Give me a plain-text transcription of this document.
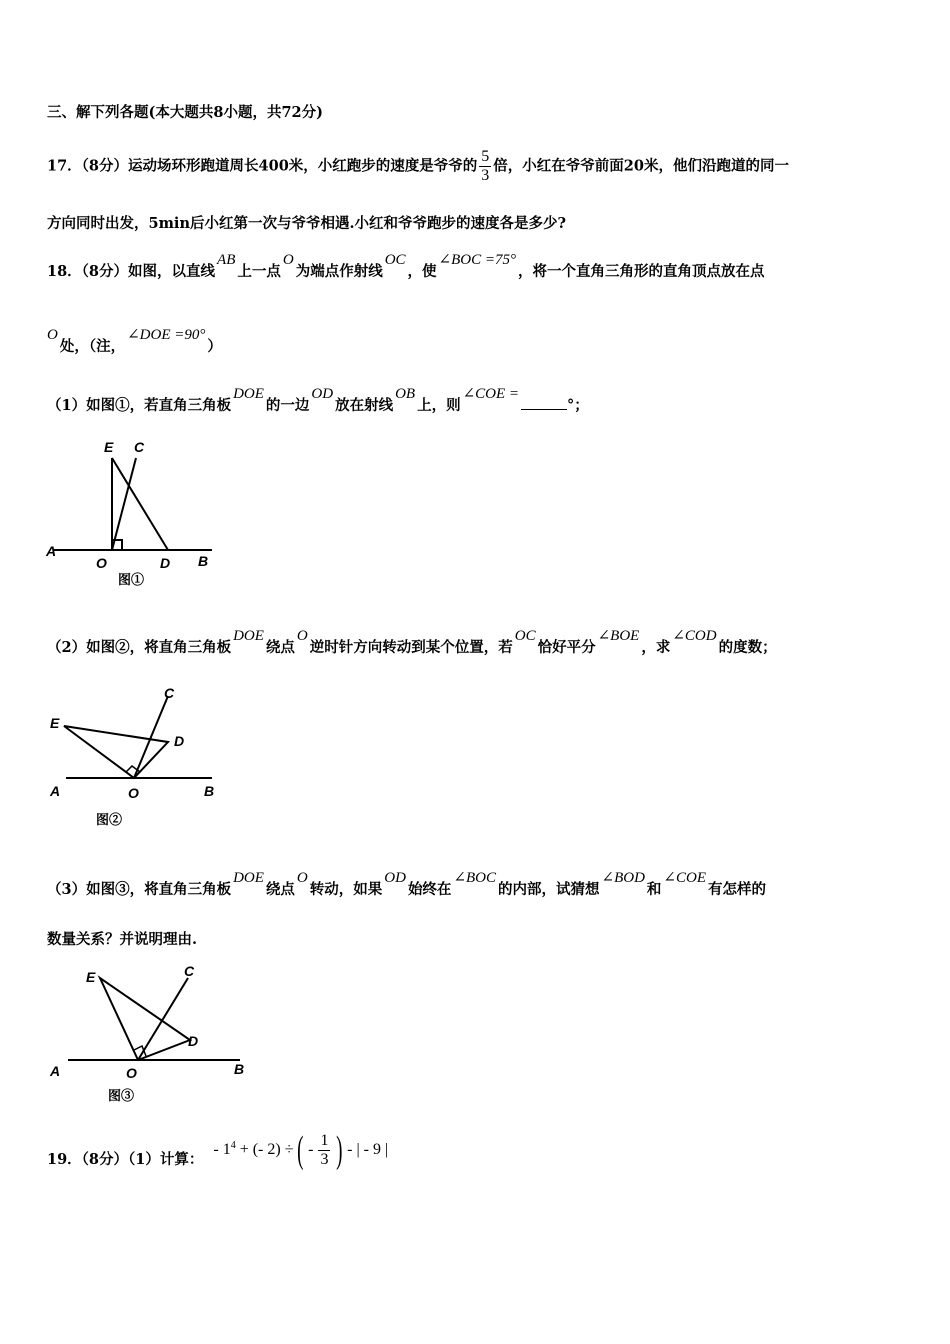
三、解下列各题(本大题共8小题，共72分)
17．（8分）运动场环形跑道周长400米，小红跑步的速度是爷爷的 $\frac{5}{3}$ 倍，小红在爷爷前面20米，他们沿跑道的同一
方向同时出发，5min后小红第一次与爷爷相遇.小红和爷爷跑步的速度各是多少?
18．（8分）如图，以直线AB上一点O为端点作射线OC，使∠BOC =75°，将一个直角三角形的直角顶点放在点
O处，（注，∠DOE =90°）
（1）如图①，若直角三角板DOE的一边OD放在射线OB上，则∠COE =°；
E C
A
O	D B
图①
（2）如图②，将直角三角板DOE绕点O逆时针方向转动到某个位置，若OC恰好平分∠BOE，求∠COD的度数；
C
E
D
A	O	B
图②
（3）如图③，将直角三角板DOE绕点O转动，如果OD始终在∠BOC的内部，试猜想∠BOD和∠COE有怎样的
数量关系？并说明理由.
E	C
D
A	O	B
图③
19．（8分）（1）计算：
- $1^4$ + (- 2) ÷ ( - $\frac{1}{3}$ ) - | - 9 |
